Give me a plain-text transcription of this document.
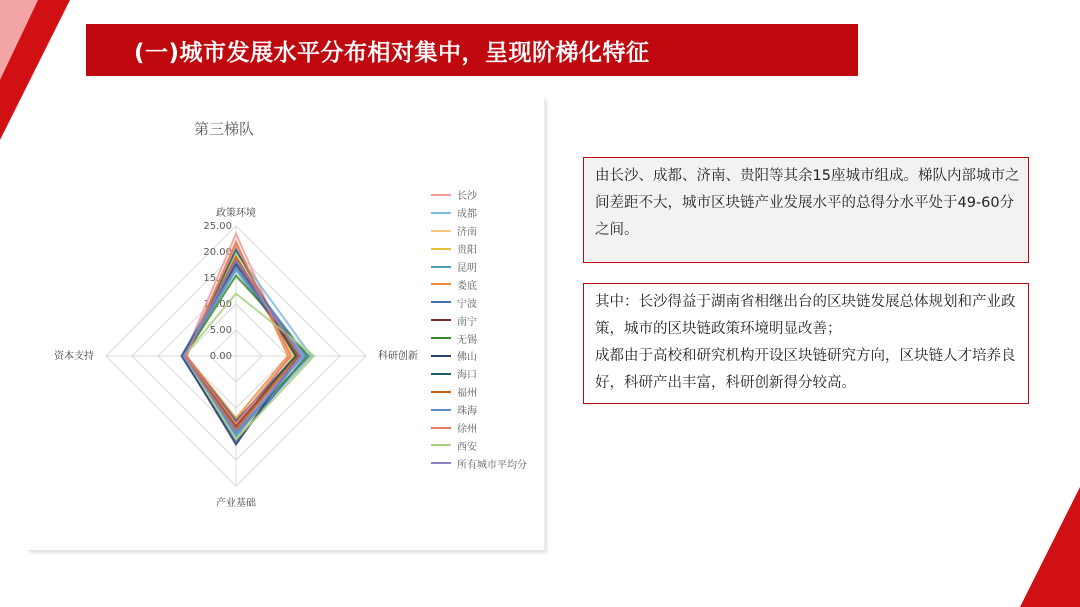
(一)城市发展水平分布相对集中，呈现阶梯化特征
0.00
5.00
10.00
15.00
20.00
25.00
政策环境
科研创新
产业基础
资本支持
第三梯队
长沙
成都
济南
贵阳
昆明
娄底
宁波
南宁
无锡
佛山
海口
福州
珠海
徐州
西安
所有城市平均分
由长沙、成都、济南、贵阳等其余15座城市组成。梯队内部城市之间差距不大，城市区块链产业发展水平的总得分水平处于49-60分之间。

其中：长沙得益于湖南省相继出台的区块链发展总体规划和产业政策，城市的区块链政策环境明显改善；

成都由于高校和研究机构开设区块链研究方向，区块链人才培养良好，科研产出丰富，科研创新得分较高。
